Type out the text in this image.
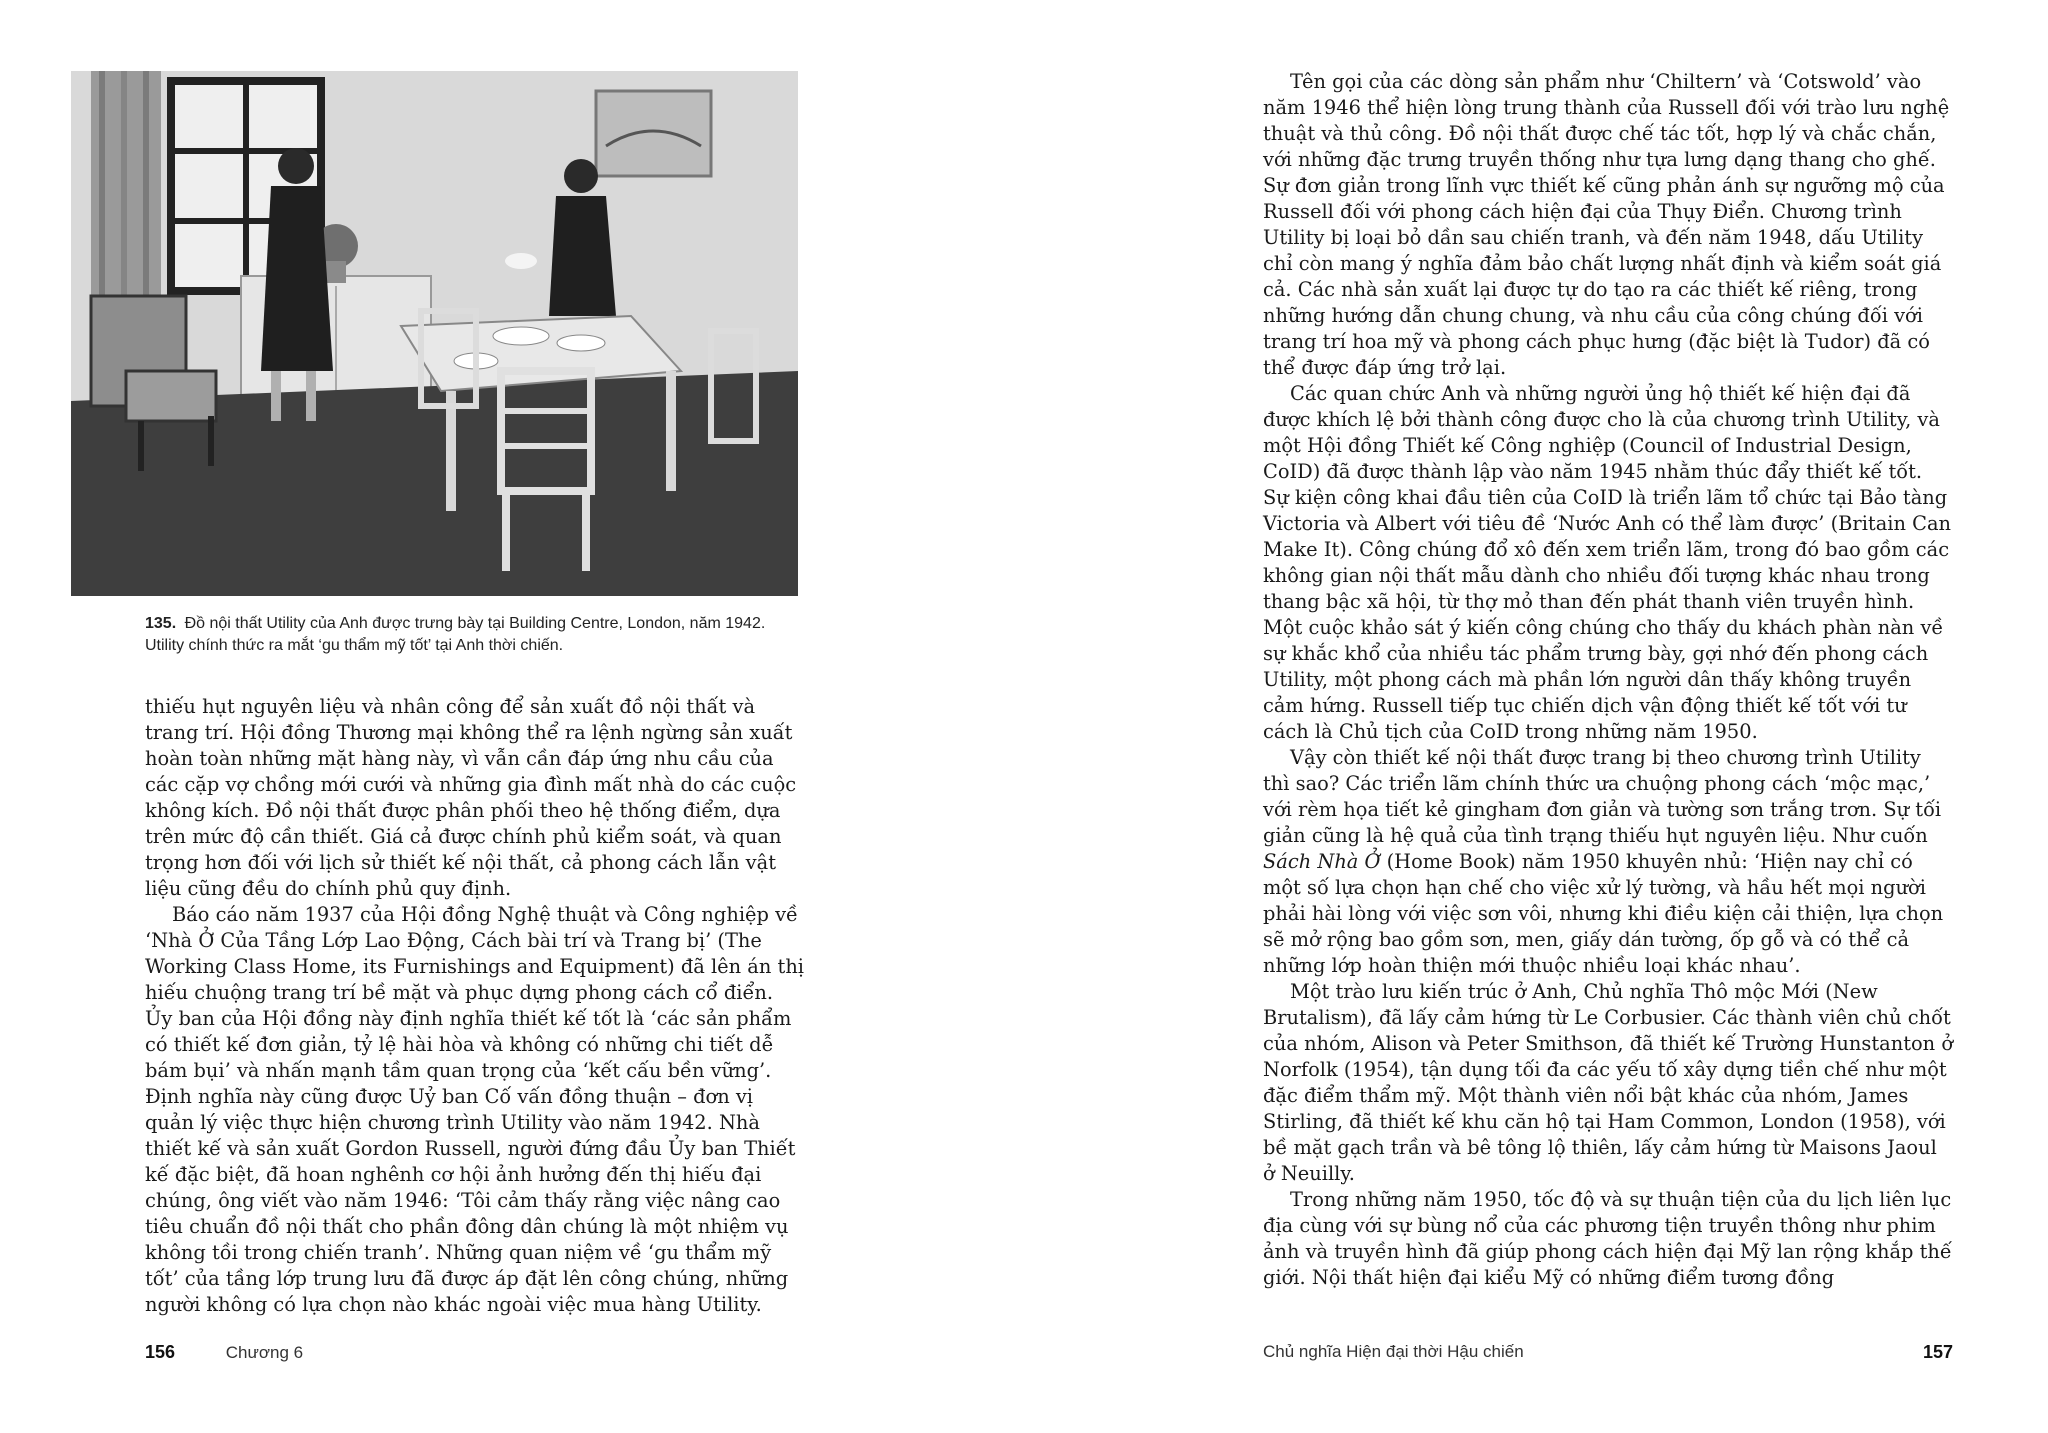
135. Đồ nội thất Utility của Anh được trưng bày tại Building Centre, London, năm 1942. Utility chính thức ra mắt ‘gu thẩm mỹ tốt’ tại Anh thời chiến.

thiếu hụt nguyên liệu và nhân công để sản xuất đồ nội thất và trang trí. Hội đồng Thương mại không thể ra lệnh ngừng sản xuất hoàn toàn những mặt hàng này, vì vẫn cần đáp ứng nhu cầu của các cặp vợ chồng mới cưới và những gia đình mất nhà do các cuộc không kích. Đồ nội thất được phân phối theo hệ thống điểm, dựa trên mức độ cần thiết. Giá cả được chính phủ kiểm soát, và quan trọng hơn đối với lịch sử thiết kế nội thất, cả phong cách lẫn vật liệu cũng đều do chính phủ quy định.

Báo cáo năm 1937 của Hội đồng Nghệ thuật và Công nghiệp về ‘Nhà Ở Của Tầng Lớp Lao Động, Cách bài trí và Trang bị’ (The Working Class Home, its Furnishings and Equipment) đã lên án thị hiếu chuộng trang trí bề mặt và phục dựng phong cách cổ điển. Ủy ban của Hội đồng này định nghĩa thiết kế tốt là ‘các sản phẩm có thiết kế đơn giản, tỷ lệ hài hòa và không có những chi tiết dễ bám bụi’ và nhấn mạnh tầm quan trọng của ‘kết cấu bền vững’. Định nghĩa này cũng được Uỷ ban Cố vấn đồng thuận – đơn vị quản lý việc thực hiện chương trình Utility vào năm 1942. Nhà thiết kế và sản xuất Gordon Russell, người đứng đầu Ủy ban Thiết kế đặc biệt, đã hoan nghênh cơ hội ảnh hưởng đến thị hiếu đại chúng, ông viết vào năm 1946: ‘Tôi cảm thấy rằng việc nâng cao tiêu chuẩn đồ nội thất cho phần đông dân chúng là một nhiệm vụ không tồi trong chiến tranh’. Những quan niệm về ‘gu thẩm mỹ tốt’ của tầng lớp trung lưu đã được áp đặt lên công chúng, những người không có lựa chọn nào khác ngoài việc mua hàng Utility.

156	Chương 6

Tên gọi của các dòng sản phẩm như ‘Chiltern’ và ‘Cotswold’ vào năm 1946 thể hiện lòng trung thành của Russell đối với trào lưu nghệ thuật và thủ công. Đồ nội thất được chế tác tốt, hợp lý và chắc chắn, với những đặc trưng truyền thống như tựa lưng dạng thang cho ghế. Sự đơn giản trong lĩnh vực thiết kế cũng phản ánh sự ngưỡng mộ của Russell đối với phong cách hiện đại của Thụy Điển. Chương trình Utility bị loại bỏ dần sau chiến tranh, và đến năm 1948, dấu Utility chỉ còn mang ý nghĩa đảm bảo chất lượng nhất định và kiểm soát giá cả. Các nhà sản xuất lại được tự do tạo ra các thiết kế riêng, trong những hướng dẫn chung chung, và nhu cầu của công chúng đối với trang trí hoa mỹ và phong cách phục hưng (đặc biệt là Tudor) đã có thể được đáp ứng trở lại.

Các quan chức Anh và những người ủng hộ thiết kế hiện đại đã được khích lệ bởi thành công được cho là của chương trình Utility, và một Hội đồng Thiết kế Công nghiệp (Council of Industrial Design, CoID) đã được thành lập vào năm 1945 nhằm thúc đẩy thiết kế tốt. Sự kiện công khai đầu tiên của CoID là triển lãm tổ chức tại Bảo tàng Victoria và Albert với tiêu đề ‘Nước Anh có thể làm được’ (Britain Can Make It). Công chúng đổ xô đến xem triển lãm, trong đó bao gồm các không gian nội thất mẫu dành cho nhiều đối tượng khác nhau trong thang bậc xã hội, từ thợ mỏ than đến phát thanh viên truyền hình. Một cuộc khảo sát ý kiến công chúng cho thấy du khách phàn nàn về sự khắc khổ của nhiều tác phẩm trưng bày, gợi nhớ đến phong cách Utility, một phong cách mà phần lớn người dân thấy không truyền cảm hứng. Russell tiếp tục chiến dịch vận động thiết kế tốt với tư cách là Chủ tịch của CoID trong những năm 1950.

Vậy còn thiết kế nội thất được trang bị theo chương trình Utility thì sao? Các triển lãm chính thức ưa chuộng phong cách ‘mộc mạc,’ với rèm họa tiết kẻ gingham đơn giản và tường sơn trắng trơn. Sự tối giản cũng là hệ quả của tình trạng thiếu hụt nguyên liệu. Như cuốn Sách Nhà Ở (Home Book) năm 1950 khuyên nhủ: ‘Hiện nay chỉ có một số lựa chọn hạn chế cho việc xử lý tường, và hầu hết mọi người phải hài lòng với việc sơn vôi, nhưng khi điều kiện cải thiện, lựa chọn sẽ mở rộng bao gồm sơn, men, giấy dán tường, ốp gỗ và có thể cả những lớp hoàn thiện mới thuộc nhiều loại khác nhau’.

Một trào lưu kiến trúc ở Anh, Chủ nghĩa Thô mộc Mới (New Brutalism), đã lấy cảm hứng từ Le Corbusier. Các thành viên chủ chốt của nhóm, Alison và Peter Smithson, đã thiết kế Trường Hunstanton ở Norfolk (1954), tận dụng tối đa các yếu tố xây dựng tiền chế như một đặc điểm thẩm mỹ. Một thành viên nổi bật khác của nhóm, James Stirling, đã thiết kế khu căn hộ tại Ham Common, London (1958), với bề mặt gạch trần và bê tông lộ thiên, lấy cảm hứng từ Maisons Jaoul ở Neuilly.

Trong những năm 1950, tốc độ và sự thuận tiện của du lịch liên lục địa cùng với sự bùng nổ của các phương tiện truyền thông như phim ảnh và truyền hình đã giúp phong cách hiện đại Mỹ lan rộng khắp thế giới. Nội thất hiện đại kiểu Mỹ có những điểm tương đồng

Chủ nghĩa Hiện đại thời Hậu chiến	157
